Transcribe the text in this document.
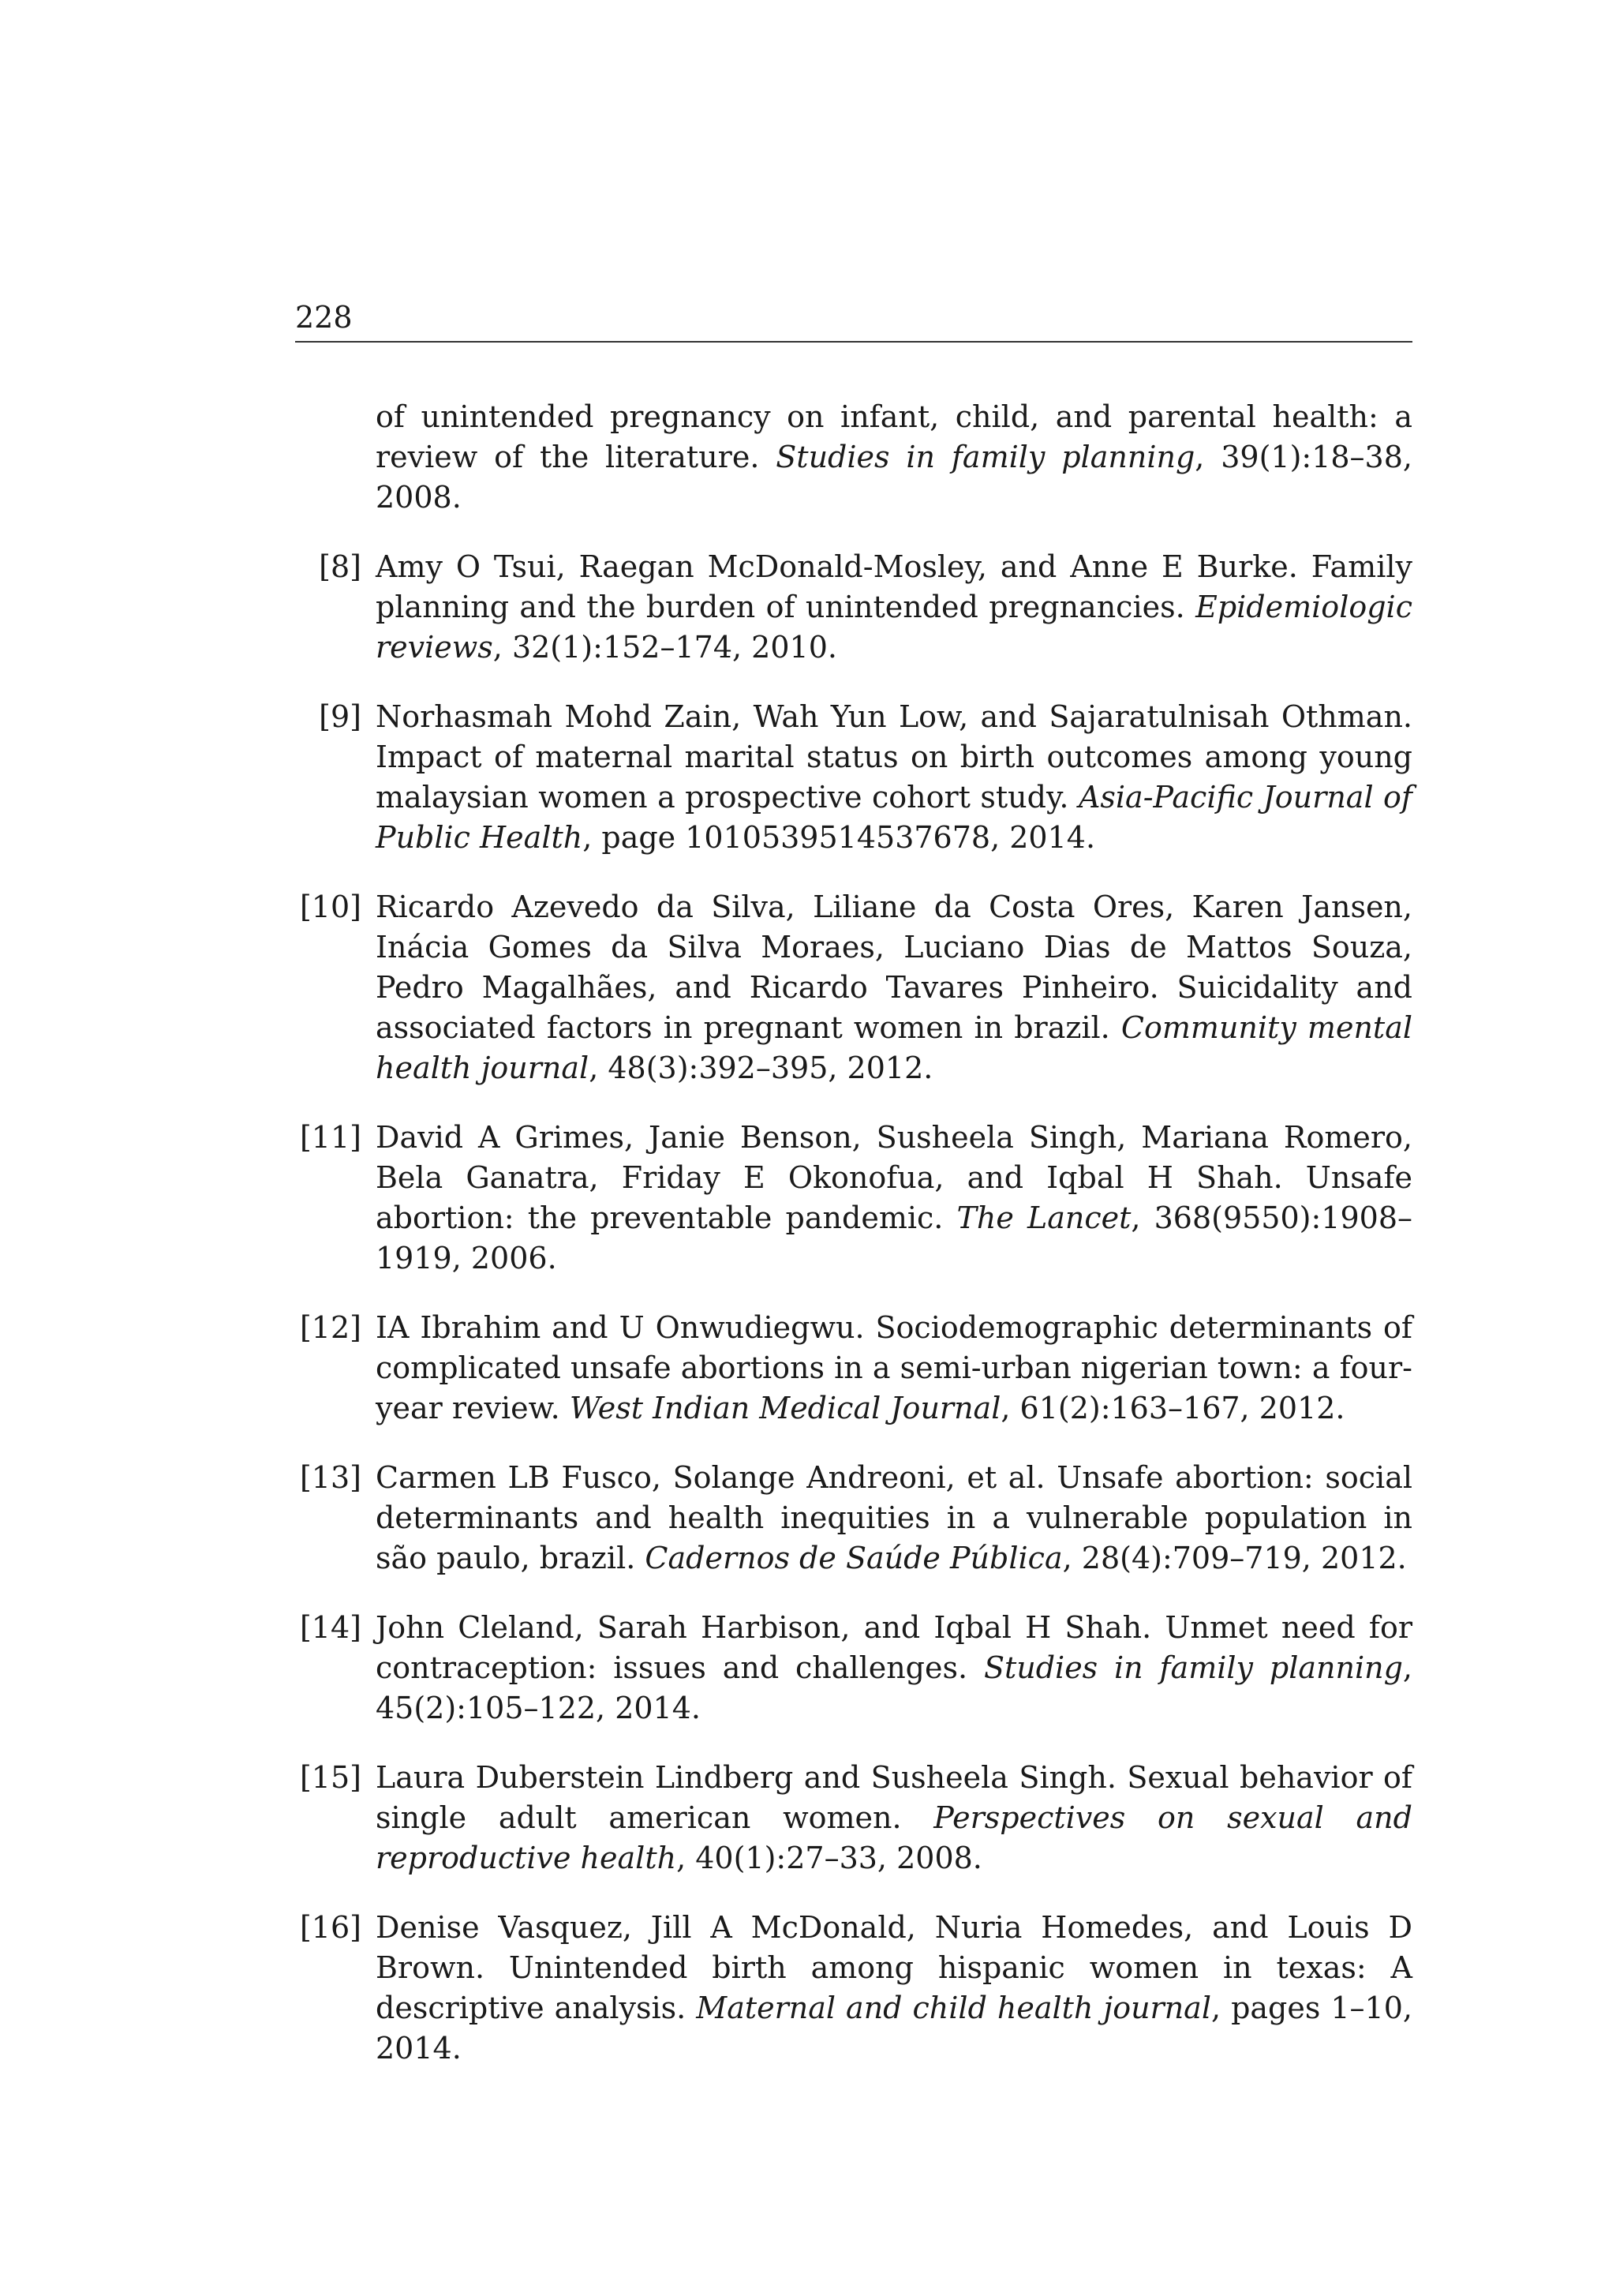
228
of unintended pregnancy on infant, child, and parental health: a review of the literature. Studies in family planning, 39(1):18–38, 2008.
[8] Amy O Tsui, Raegan McDonald-Mosley, and Anne E Burke. Family planning and the burden of unintended pregnancies. Epidemiologic reviews, 32(1):152–174, 2010.
[9] Norhasmah Mohd Zain, Wah Yun Low, and Sajaratulnisah Othman. Impact of maternal marital status on birth outcomes among young malaysian women a prospective cohort study. Asia-Pacific Journal of Public Health, page 1010539514537678, 2014.
[10] Ricardo Azevedo da Silva, Liliane da Costa Ores, Karen Jansen, Inácia Gomes da Silva Moraes, Luciano Dias de Mattos Souza, Pedro Magalhães, and Ricardo Tavares Pinheiro. Suicidality and associated factors in pregnant women in brazil. Community mental health journal, 48(3):392–395, 2012.
[11] David A Grimes, Janie Benson, Susheela Singh, Mariana Romero, Bela Ganatra, Friday E Okonofua, and Iqbal H Shah. Unsafe abortion: the preventable pandemic. The Lancet, 368(9550):1908–1919, 2006.
[12] IA Ibrahim and U Onwudiegwu. Sociodemographic determinants of complicated unsafe abortions in a semi-urban nigerian town: a four-year review. West Indian Medical Journal, 61(2):163–167, 2012.
[13] Carmen LB Fusco, Solange Andreoni, et al. Unsafe abortion: social determinants and health inequities in a vulnerable population in são paulo, brazil. Cadernos de Saúde Pública, 28(4):709–719, 2012.
[14] John Cleland, Sarah Harbison, and Iqbal H Shah. Unmet need for contraception: issues and challenges. Studies in family planning, 45(2):105–122, 2014.
[15] Laura Duberstein Lindberg and Susheela Singh. Sexual behavior of single adult american women. Perspectives on sexual and reproductive health, 40(1):27–33, 2008.
[16] Denise Vasquez, Jill A McDonald, Nuria Homedes, and Louis D Brown. Unintended birth among hispanic women in texas: A descriptive analysis. Maternal and child health journal, pages 1–10, 2014.
